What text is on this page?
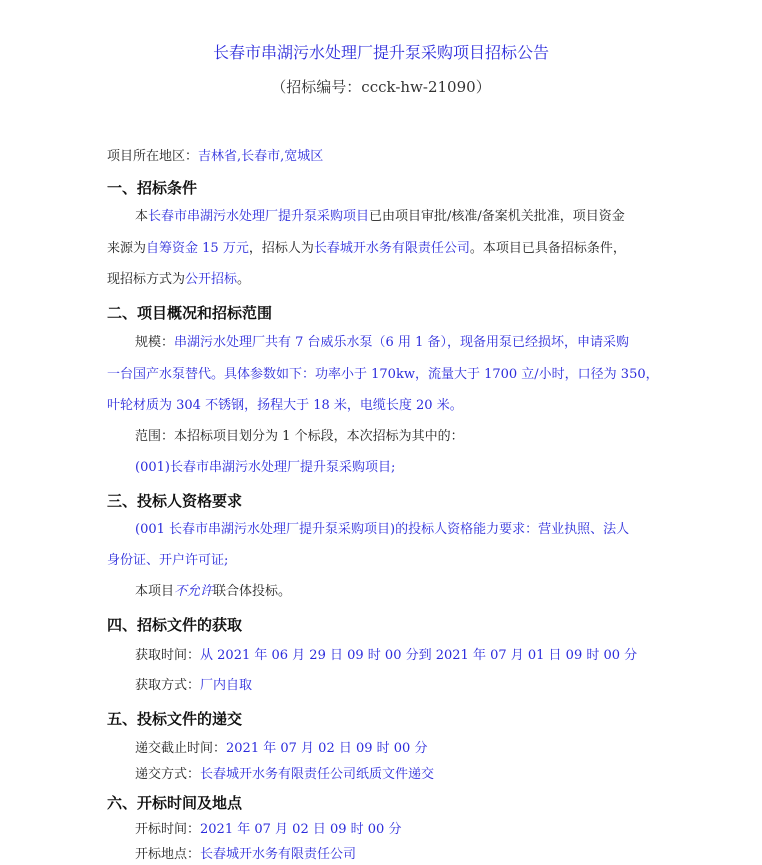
长春市串湖污水处理厂提升泵采购项目招标公告
（招标编号：ccck-hw-21090）
项目所在地区：吉林省,长春市,宽城区
一、招标条件
本长春市串湖污水处理厂提升泵采购项目已由项目审批/核准/备案机关批准，项目资金
来源为自筹资金 15 万元，招标人为长春城开水务有限责任公司。本项目已具备招标条件，
现招标方式为公开招标。
二、项目概况和招标范围
规模：串湖污水处理厂共有 7 台威乐水泵（6 用 1 备），现备用泵已经损坏，申请采购
一台国产水泵替代。具体参数如下：功率小于 170kw，流量大于 1700 立/小时，口径为 350，
叶轮材质为 304 不锈钢，扬程大于 18 米，电缆长度 20 米。
范围：本招标项目划分为 1 个标段，本次招标为其中的：
(001)长春市串湖污水处理厂提升泵采购项目;
三、投标人资格要求
(001 长春市串湖污水处理厂提升泵采购项目)的投标人资格能力要求：营业执照、法人
身份证、开户许可证;
本项目不允许联合体投标。
四、招标文件的获取
获取时间：从 2021 年 06 月 29 日 09 时 00 分到 2021 年 07 月 01 日 09 时 00 分
获取方式：厂内自取
五、投标文件的递交
递交截止时间：2021 年 07 月 02 日 09 时 00 分
递交方式：长春城开水务有限责任公司纸质文件递交
六、开标时间及地点
开标时间：2021 年 07 月 02 日 09 时 00 分
开标地点：长春城开水务有限责任公司
